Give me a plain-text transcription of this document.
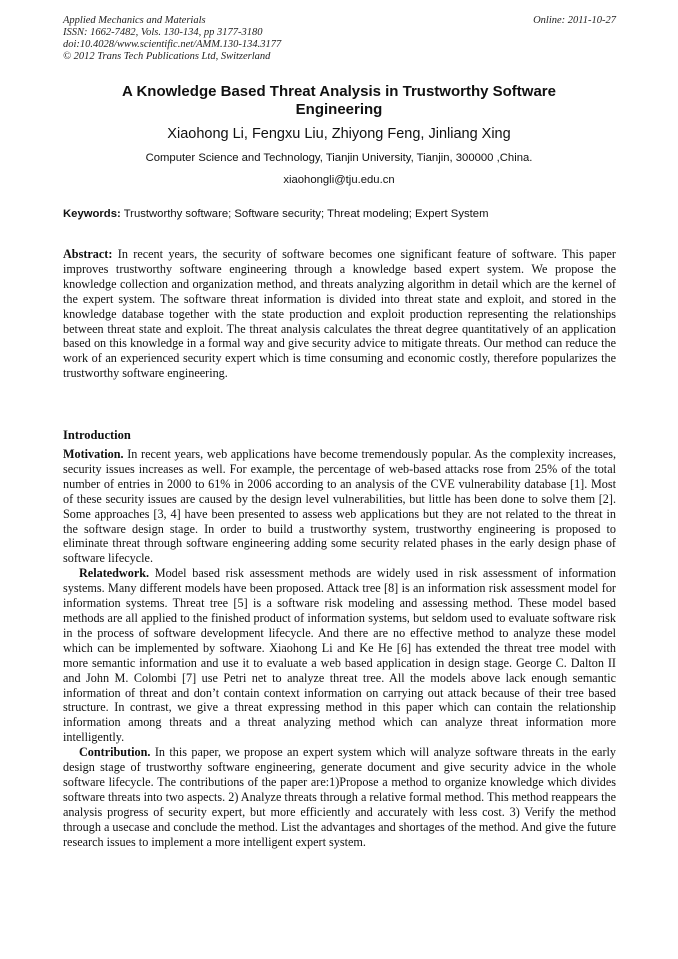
Applied Mechanics and Materials	Online: 2011-10-27
ISSN: 1662-7482, Vols. 130-134, pp 3177-3180
doi:10.4028/www.scientific.net/AMM.130-134.3177
© 2012 Trans Tech Publications Ltd, Switzerland
A Knowledge Based Threat Analysis in Trustworthy Software Engineering
Xiaohong Li, Fengxu Liu, Zhiyong Feng, Jinliang Xing
Computer Science and Technology, Tianjin University, Tianjin, 300000 ,China.
xiaohongli@tju.edu.cn
Keywords: Trustworthy software; Software security; Threat modeling; Expert System
Abstract: In recent years, the security of software becomes one significant feature of software. This paper improves trustworthy software engineering through a knowledge based expert system. We propose the knowledge collection and organization method, and threats analyzing algorithm in detail which are the kernel of the expert system. The software threat information is divided into threat state and exploit, and stored in the knowledge database together with the state production and exploit production representing the relationships between threat state and exploit. The threat analysis calculates the threat degree quantitatively of an application based on this knowledge in a formal way and give security advice to mitigate threats. Our method can reduce the work of an experienced security expert which is time consuming and economic costly, therefore popularizes the trustworthy software engineering.
Introduction

Motivation. In recent years, web applications have become tremendously popular. As the complexity increases, security issues increases as well. For example, the percentage of web-based attacks rose from 25% of the total number of entries in 2000 to 61% in 2006 according to an analysis of the CVE vulnerability database [1]. Most of these security issues are caused by the design level vulnerabilities, but little has been done to solve them [2]. Some approaches [3, 4] have been presented to assess web applications but they are not related to the threat in the software design stage. In order to build a trustworthy system, trustworthy engineering is proposed to eliminate threat through software engineering adding some security related phases in the early design phase of software lifecycle.

Relatedwork. Model based risk assessment methods are widely used in risk assessment of information systems. Many different models have been proposed. Attack tree [8] is an information risk assessment model for information systems. Threat tree [5] is a software risk modeling and assessing method. These model based methods are all applied to the finished product of information systems, but seldom used to evaluate software risk in the process of software development lifecycle. And there are no effective method to analyze these model which can be implemented by software. Xiaohong Li and Ke He [6] has extended the threat tree model with more semantic information and use it to evaluate a web based application in design stage. George C. Dalton II and John M. Colombi [7] use Petri net to analyze threat tree. All the models above lack enough semantic information of threat and don’t contain context information on carrying out attack because of their tree based structure. In contrast, we give a threat expressing method in this paper which can contain the relationship information among threats and a threat analyzing method which can analyze threat information more intelligently.

Contribution. In this paper, we propose an expert system which will analyze software threats in the early design stage of trustworthy software engineering, generate document and give security advice in the whole software lifecycle. The contributions of the paper are:1)Propose a method to organize knowledge which divides software threats into two aspects. 2) Analyze threats through a relative formal method. This method reappears the analysis progress of security expert, but more efficiently and accurately with less cost. 3) Verify the method through a usecase and conclude the method. List the advantages and shortages of the method. And give the future research issues to implement a more intelligent expert system.
